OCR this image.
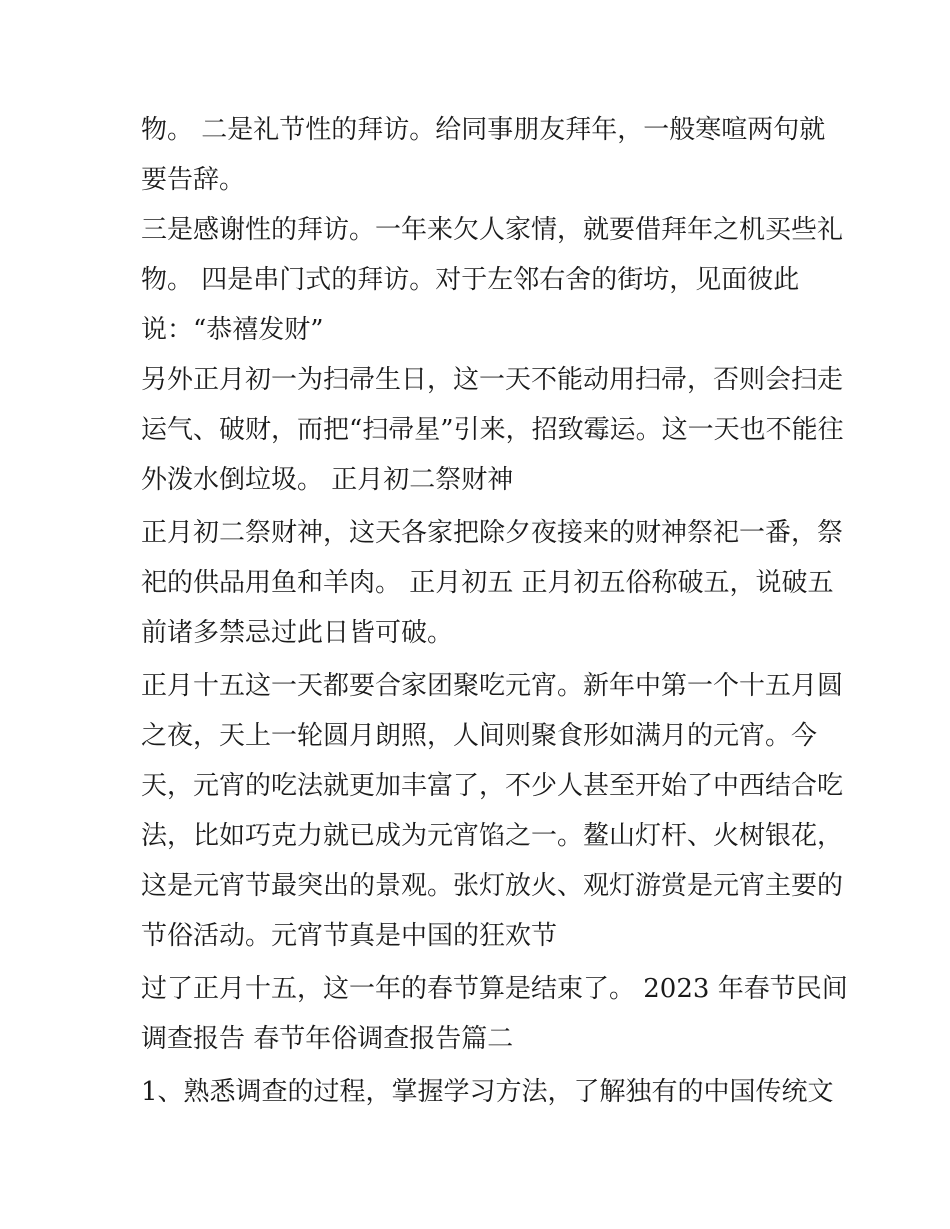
物。 二是礼节性的拜访。给同事朋友拜年，一般寒喧两句就

要告辞。

三是感谢性的拜访。一年来欠人家情，就要借拜年之机买些礼

物。 四是串门式的拜访。对于左邻右舍的街坊，见面彼此

说：“恭禧发财”

另外正月初一为扫帚生日，这一天不能动用扫帚，否则会扫走

运气、破财，而把“扫帚星”引来，招致霉运。这一天也不能往

外泼水倒垃圾。 正月初二祭财神

正月初二祭财神，这天各家把除夕夜接来的财神祭祀一番，祭

祀的供品用鱼和羊肉。 正月初五 正月初五俗称破五，说破五

前诸多禁忌过此日皆可破。

正月十五这一天都要合家团聚吃元宵。新年中第一个十五月圆

之夜，天上一轮圆月朗照，人间则聚食形如满月的元宵。今

天，元宵的吃法就更加丰富了，不少人甚至开始了中西结合吃

法，比如巧克力就已成为元宵馅之一。鳌山灯杆、火树银花，

这是元宵节最突出的景观。张灯放火、观灯游赏是元宵主要的

节俗活动。元宵节真是中国的狂欢节

过了正月十五，这一年的春节算是结束了。 2023 年春节民间

调查报告 春节年俗调查报告篇二

1、熟悉调查的过程，掌握学习方法，了解独有的中国传统文
